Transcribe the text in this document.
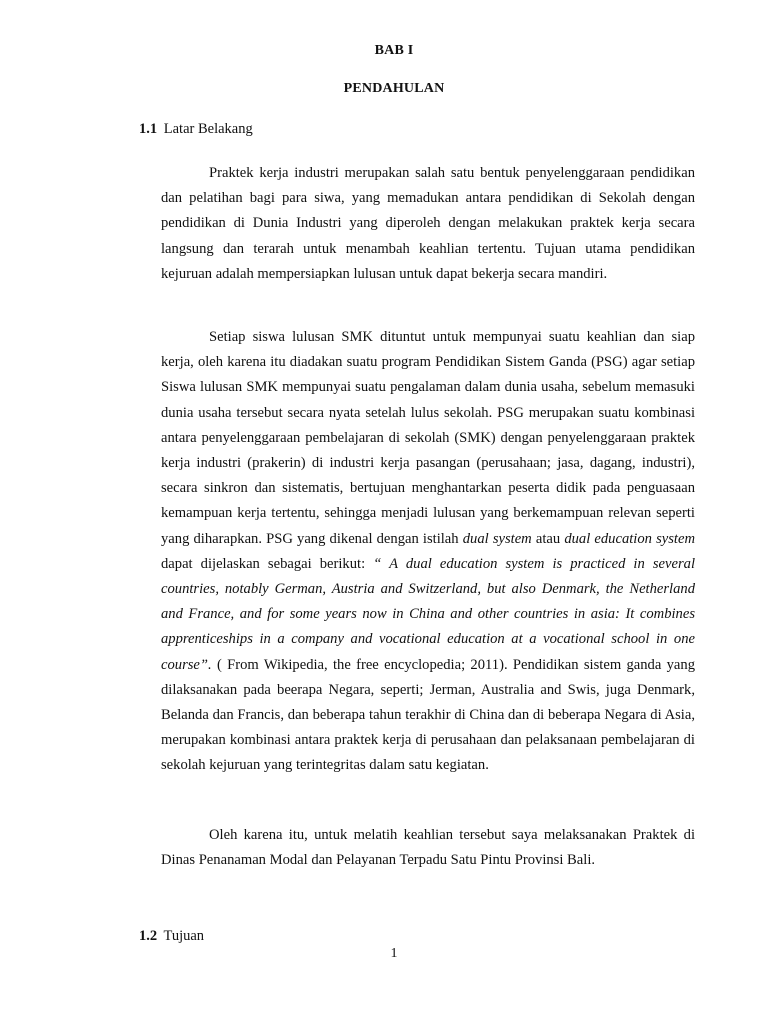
BAB I
PENDAHULAN
1.1 Latar Belakang

Praktek kerja industri merupakan salah satu bentuk penyelenggaraan pendidikan dan pelatihan bagi para siwa, yang memadukan antara pendidikan di Sekolah dengan pendidikan di Dunia Industri yang diperoleh dengan melakukan praktek kerja secara langsung dan terarah untuk menambah keahlian tertentu. Tujuan utama pendidikan kejuruan adalah mempersiapkan lulusan untuk dapat bekerja secara mandiri.

Setiap siswa lulusan SMK dituntut untuk mempunyai suatu keahlian dan siap kerja, oleh karena itu diadakan suatu program Pendidikan Sistem Ganda (PSG) agar setiap Siswa lulusan SMK mempunyai suatu pengalaman dalam dunia usaha, sebelum memasuki dunia usaha tersebut secara nyata setelah lulus sekolah. PSG merupakan suatu kombinasi antara penyelenggaraan pembelajaran di sekolah (SMK) dengan penyelenggaraan praktek kerja industri (prakerin) di industri kerja pasangan (perusahaan; jasa, dagang, industri), secara sinkron dan sistematis, bertujuan menghantarkan peserta didik pada penguasaan kemampuan kerja tertentu, sehingga menjadi lulusan yang berkemampuan relevan seperti yang diharapkan. PSG yang dikenal dengan istilah dual system atau dual education system dapat dijelaskan sebagai berikut: “ A dual education system is practiced in several countries, notably German, Austria and Switzerland, but also Denmark, the Netherland and France, and for some years now in China and other countries in asia: It combines apprenticeships in a company and vocational education at a vocational school in one course”. ( From Wikipedia, the free encyclopedia; 2011). Pendidikan sistem ganda yang dilaksanakan pada beerapa Negara, seperti; Jerman, Australia and Swis, juga Denmark, Belanda dan Francis, dan beberapa tahun terakhir di China dan di beberapa Negara di Asia, merupakan kombinasi antara praktek kerja di perusahaan dan pelaksanaan pembelajaran di sekolah kejuruan yang terintegritas dalam satu kegiatan.

Oleh karena itu, untuk melatih keahlian tersebut saya melaksanakan Praktek di Dinas Penanaman Modal dan Pelayanan Terpadu Satu Pintu Provinsi Bali.

1.2 Tujuan
1
